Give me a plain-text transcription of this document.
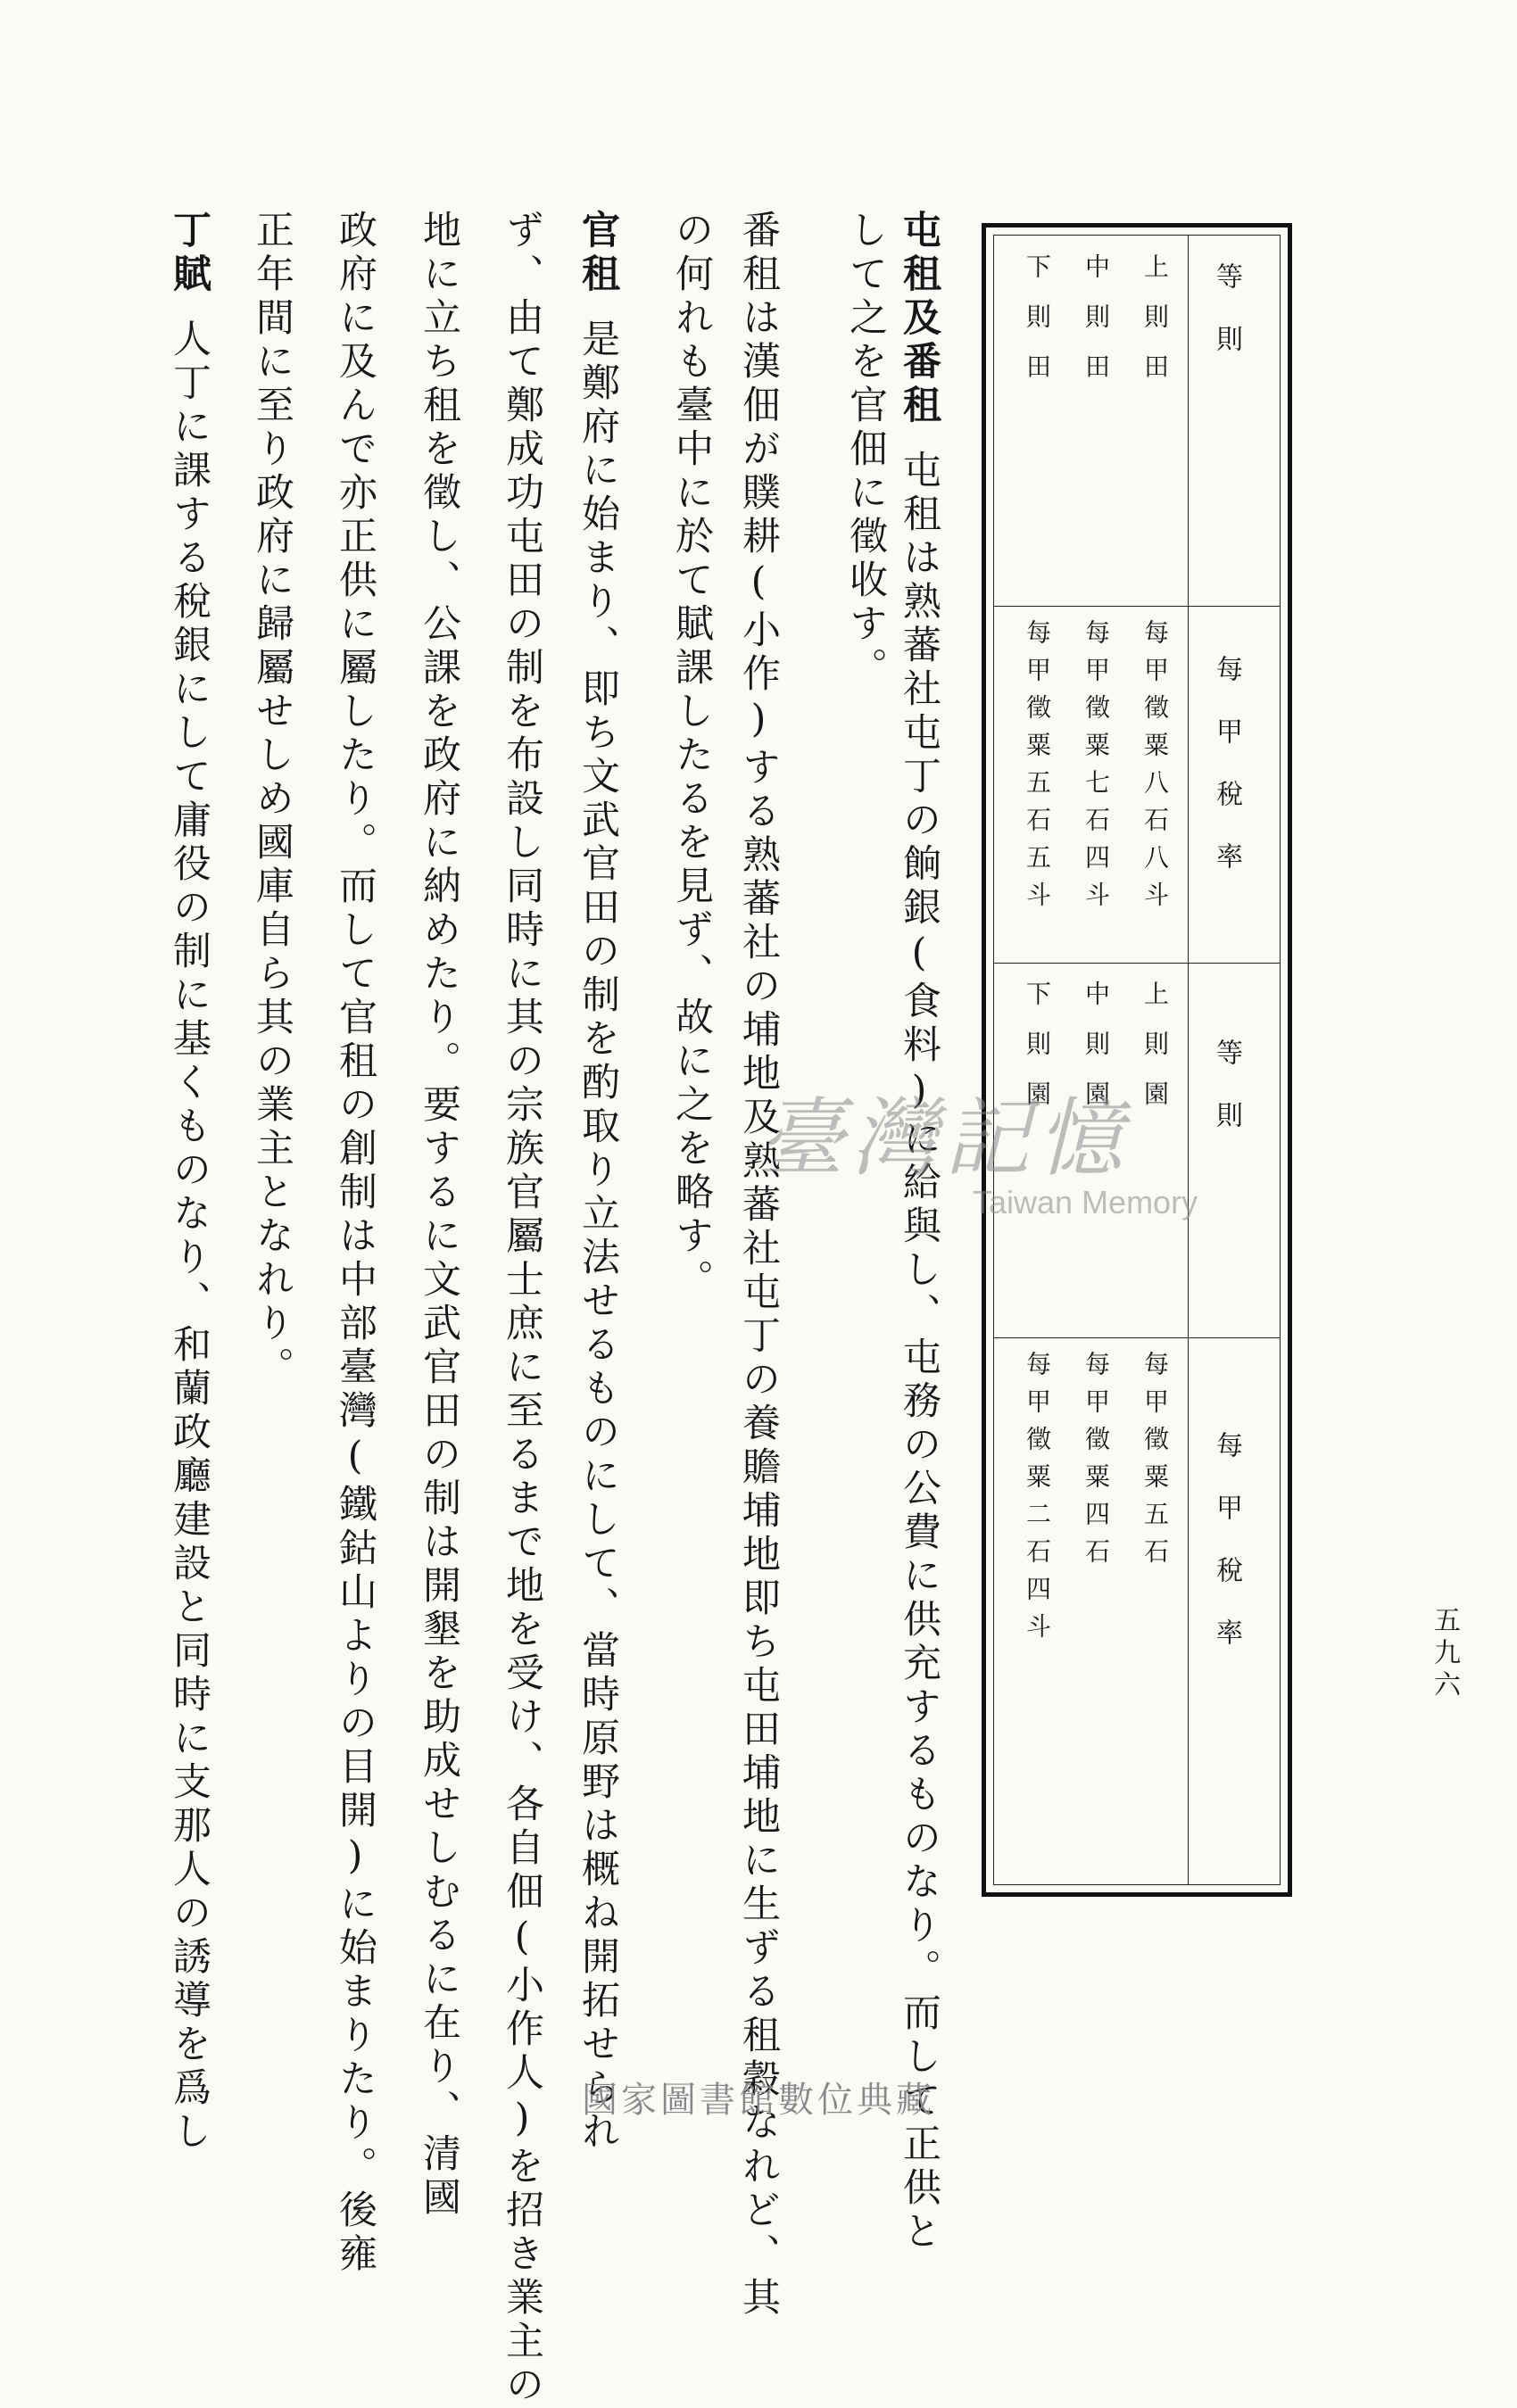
五九六
等則
每甲稅率
等則
每甲稅率
上則田
中則田
下則田
每甲徵粟八石八斗
每甲徵粟七石四斗
每甲徵粟五石五斗
上則園
中則園
下則園
每甲徵粟五石
每甲徵粟四石
每甲徵粟二石四斗
して之を官佃に徵收す。 屯租及番租屯租は熟蕃社屯丁の餉銀(食料)に給與し、屯務の公費に供充するものなり。而して正供と
番租は漢佃が贌耕(小作)する熟蕃社の埔地及熟蕃社屯丁の養贍埔地即ち屯田埔地に生ずる租穀なれど、其
の何れも臺中に於て賦課したるを見ず、故に之を略す。
官租是鄭府に始まり、即ち文武官田の制を酌取り立法せるものにして、當時原野は概ね開拓せられ
ず、由て鄭成功屯田の制を布設し同時に其の宗族官屬士庶に至るまで地を受け、各自佃(小作人)を招き業主の
地に立ち租を徵し、公課を政府に納めたり。要するに文武官田の制は開墾を助成せしむるに在り、清國
政府に及んで亦正供に屬したり。而して官租の創制は中部臺灣(鐵鈷山よりの目開)に始まりたり。後雍
正年間に至り政府に歸屬せしめ國庫自ら其の業主となれり。
丁賦人丁に課する稅銀にして庸役の制に基くものなり、和蘭政廳建設と同時に支那人の誘導を爲し	臺灣記憶
Taiwan Memory
國家圖書館數位典藏
